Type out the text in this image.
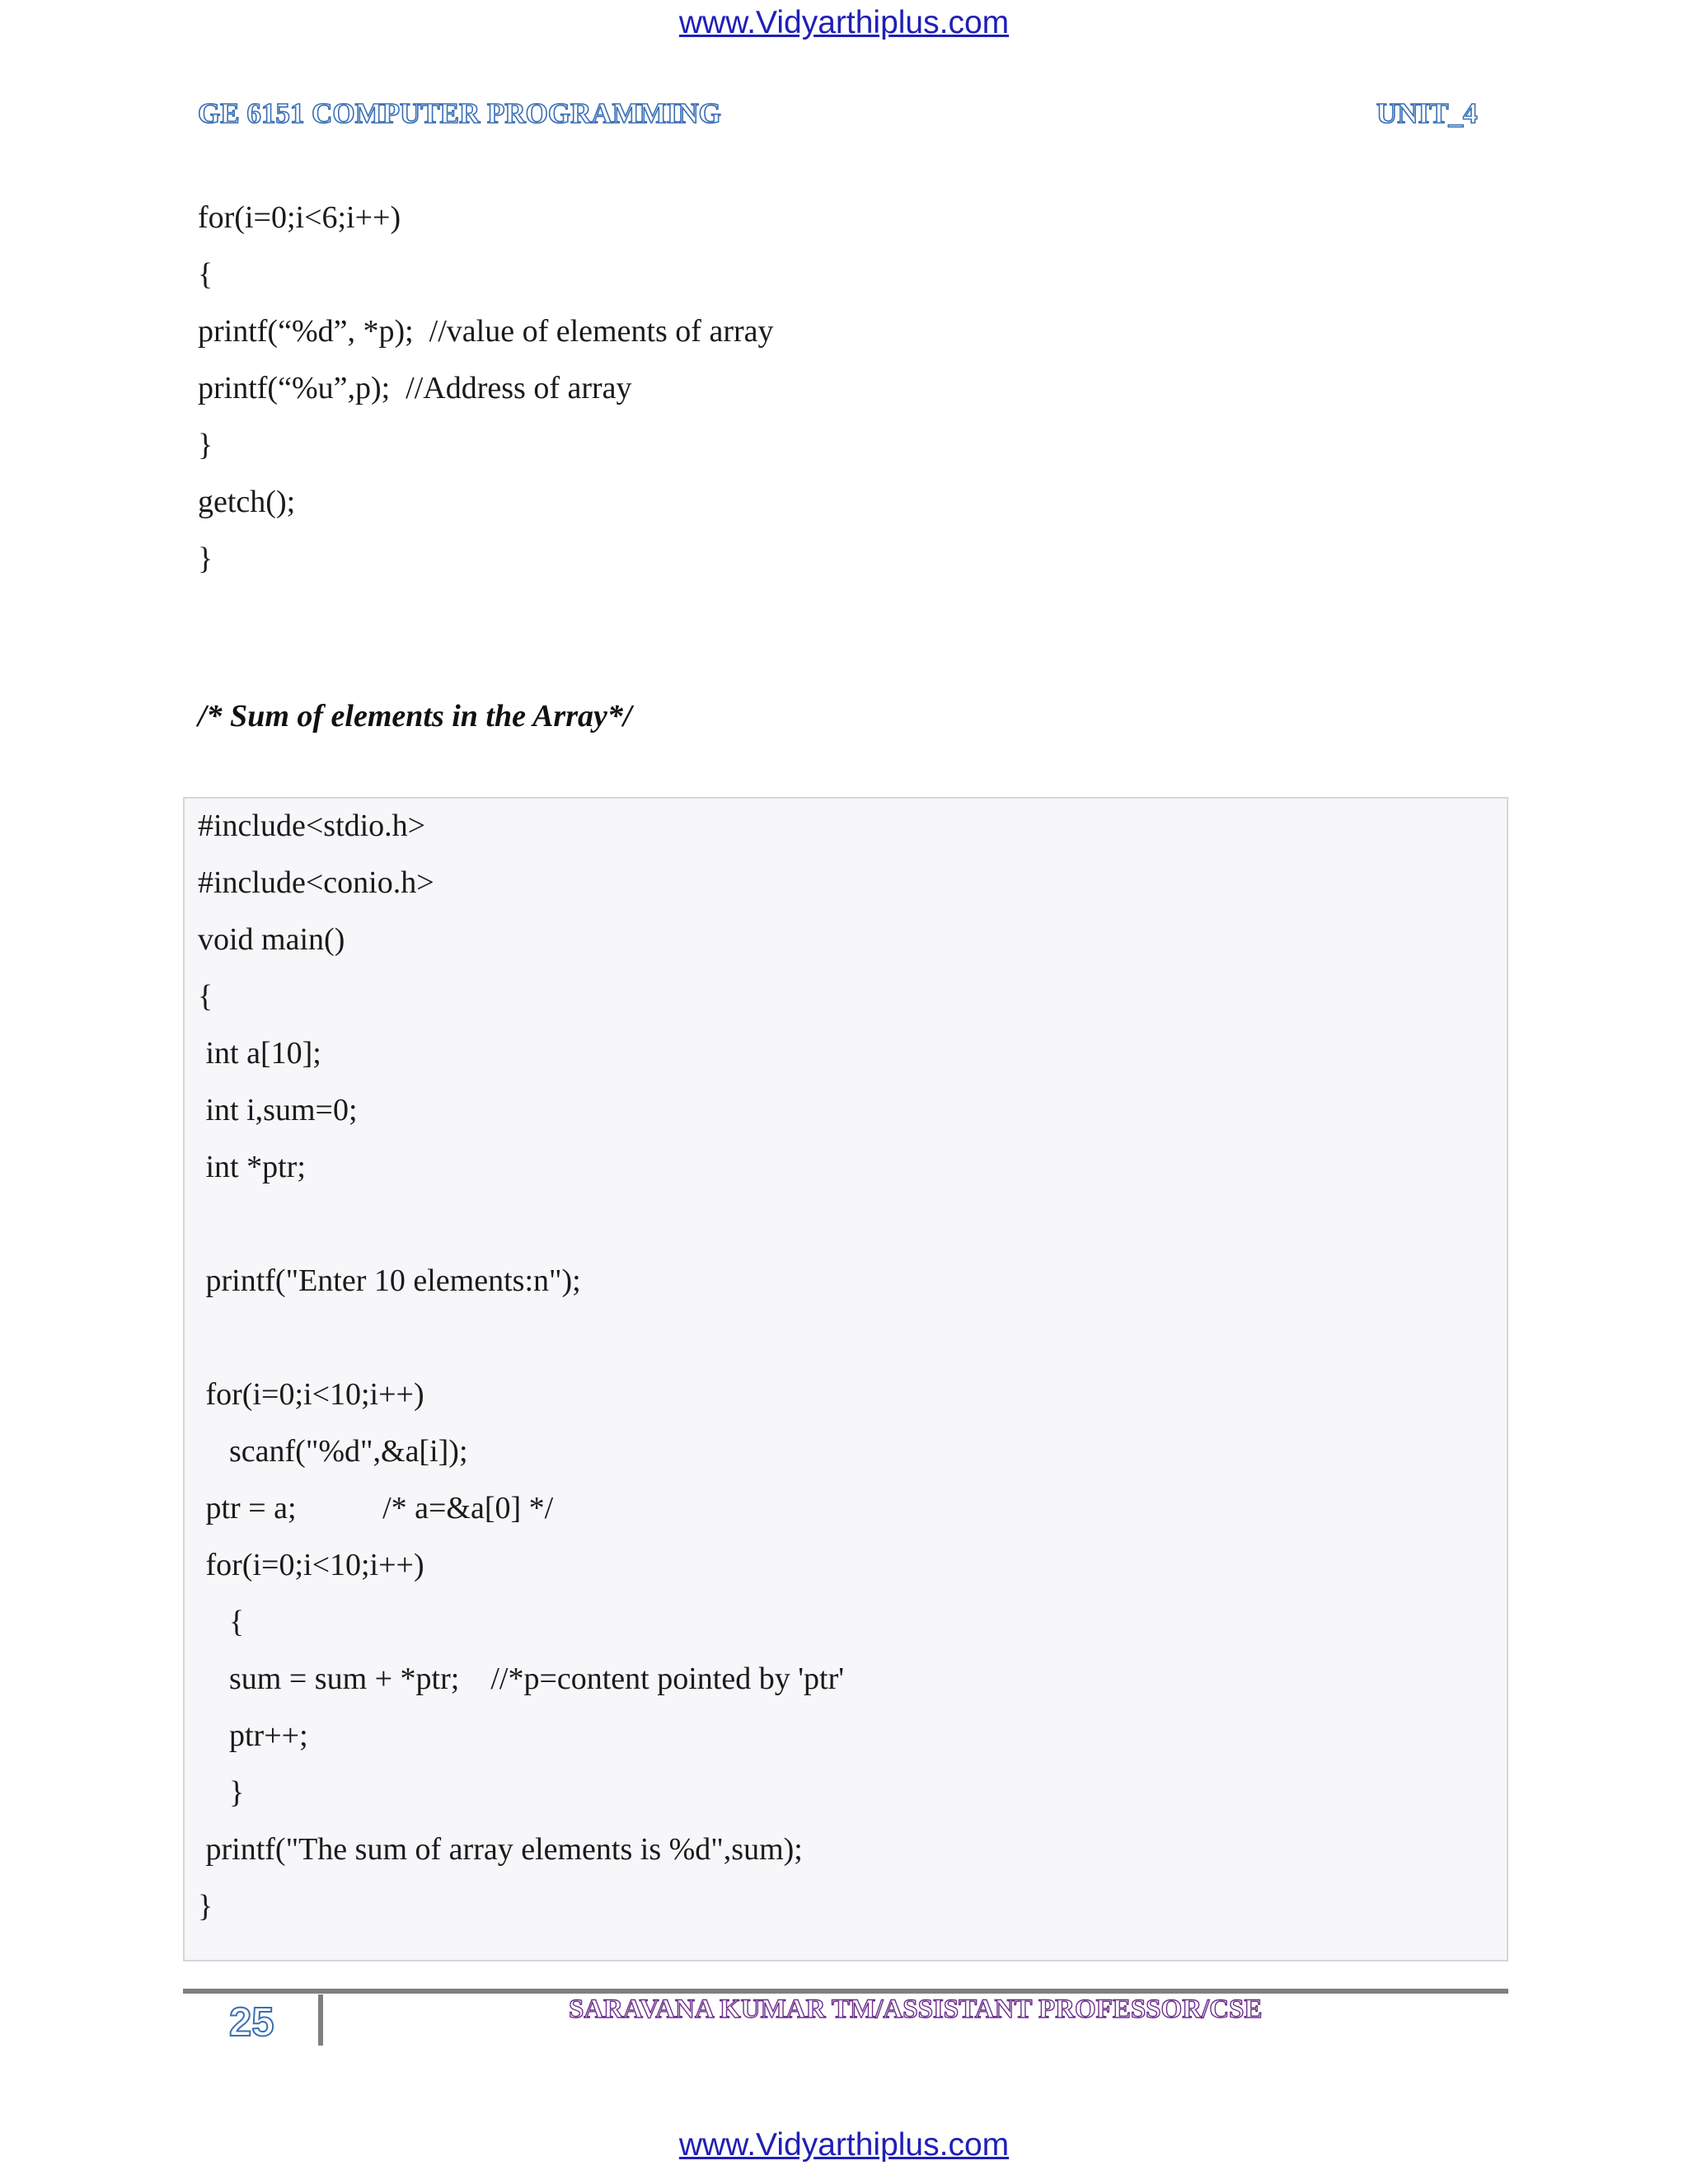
www.Vidyarthiplus.com
GE 6151 COMPUTER PROGRAMMING	UNIT_4
for(i=0;i<6;i++)
{
printf(“%d”, *p);  //value of elements of array
printf(“%u”,p);  //Address of array
}
getch();
}
/* Sum of elements in the Array*/
#include<stdio.h>
#include<conio.h>
void main()
{
int a[10];
int i,sum=0;
int *ptr;
printf("Enter 10 elements:n");
for(i=0;i<10;i++)
scanf("%d",&a[i]);
ptr = a;           /* a=&a[0] */
for(i=0;i<10;i++)
{
sum = sum + *ptr;    //*p=content pointed by 'ptr'
ptr++;
}
printf("The sum of array elements is %d",sum);
}
25	SARAVANA KUMAR TM/ASSISTANT PROFESSOR/CSE
www.Vidyarthiplus.com
